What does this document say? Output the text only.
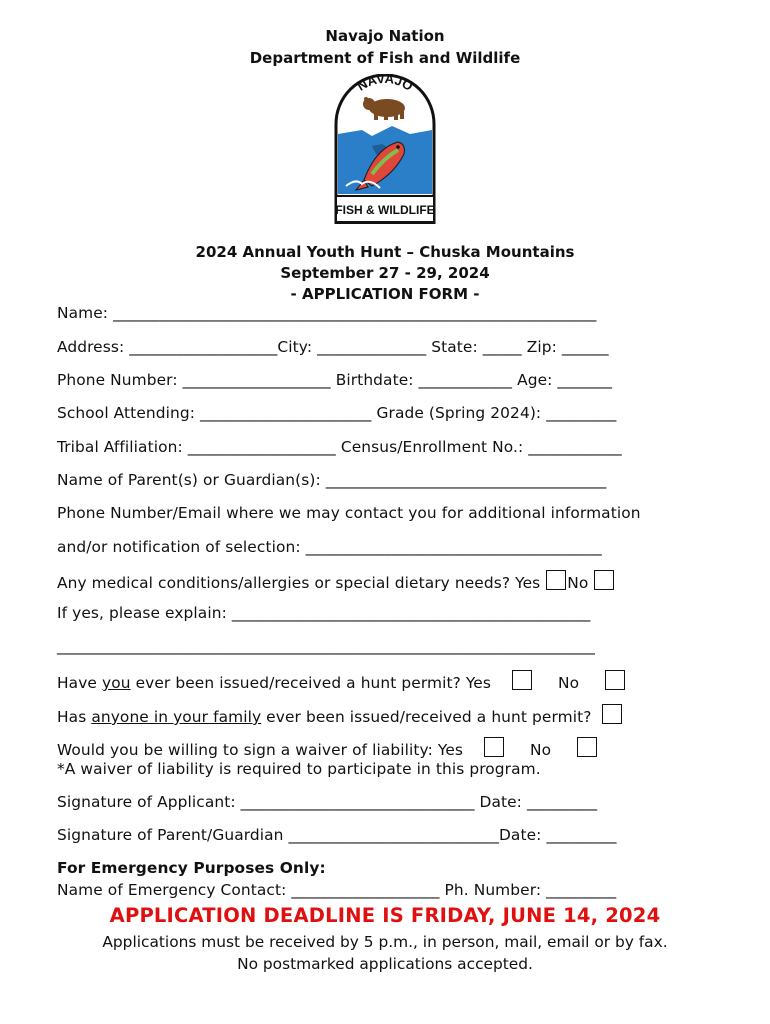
Navajo Nation
Department of Fish and Wildlife
NAVAJO
FISH & WILDLIFE
2024 Annual Youth Hunt – Chuska Mountains
September 27 - 29, 2024
- APPLICATION FORM -
Name: ______________________________________________________________
Address: ___________________City: ______________ State: _____ Zip: ______
Phone Number: ___________________ Birthdate: ____________ Age: _______
School Attending: ______________________ Grade (Spring 2024): _________
Tribal Affiliation: ___________________ Census/Enrollment No.: ____________
Name of Parent(s) or Guardian(s): ____________________________________
Phone Number/Email where we may contact you for additional information
and/or notification of selection: ______________________________________
Any medical conditions/allergies or special dietary needs? Yes No
If yes, please explain: ______________________________________________
_____________________________________________________________________
Have you ever been issued/received a hunt permit? Yes	No
Has anyone in your family ever been issued/received a hunt permit?
Would you be willing to sign a waiver of liability: Yes	No
*A waiver of liability is required to participate in this program.
Signature of Applicant: ______________________________ Date: _________
Signature of Parent/Guardian ___________________________Date: _________
For Emergency Purposes Only:
Name of Emergency Contact: ___________________ Ph. Number: _________
APPLICATION DEADLINE IS FRIDAY, JUNE 14, 2024
Applications must be received by 5 p.m., in person, mail, email or by fax.
No postmarked applications accepted.
